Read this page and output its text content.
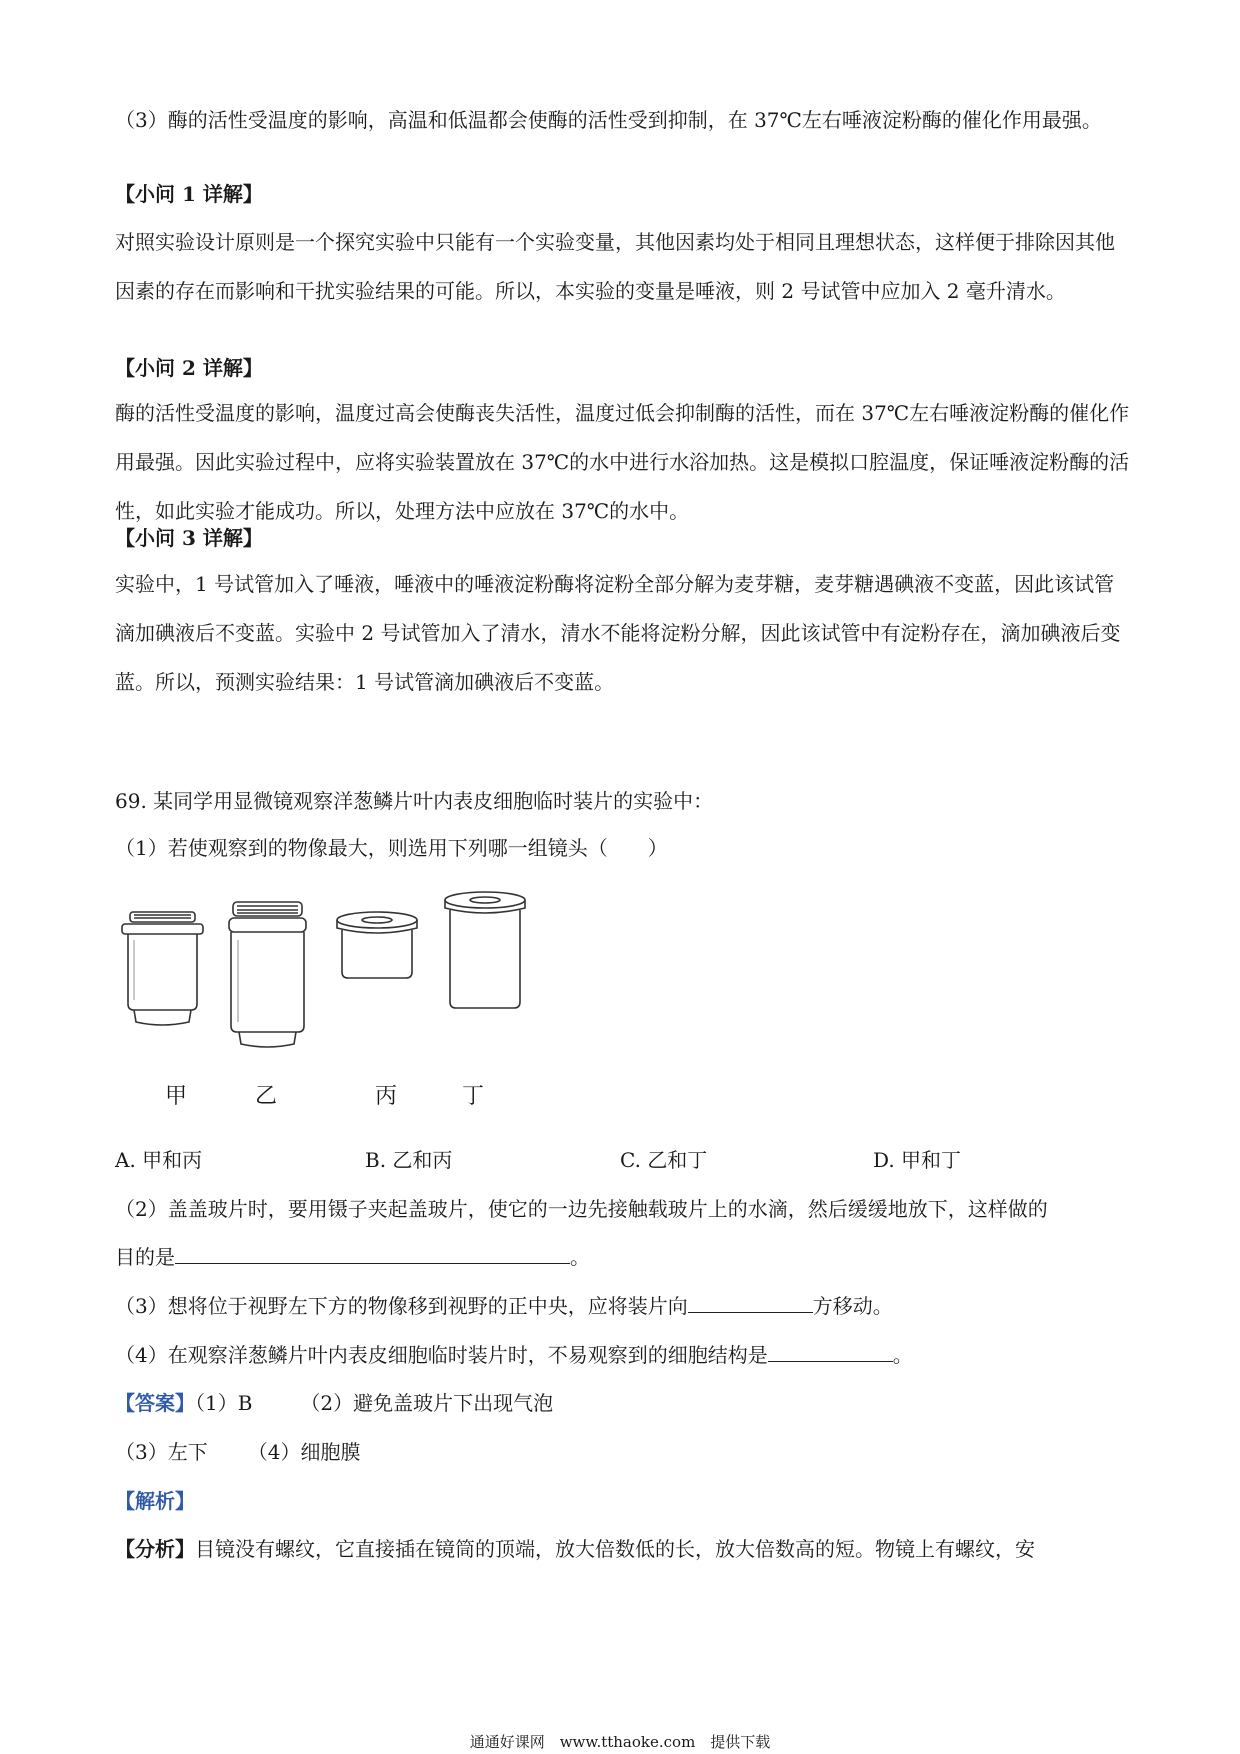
（3）酶的活性受温度的影响，高温和低温都会使酶的活性受到抑制，在 37℃左右唾液淀粉酶的催化作用最强。

【小问 1 详解】

对照实验设计原则是一个探究实验中只能有一个实验变量，其他因素均处于相同且理想状态，这样便于排除因其他因素的存在而影响和干扰实验结果的可能。所以，本实验的变量是唾液，则 2 号试管中应加入 2 毫升清水。

【小问 2 详解】

酶的活性受温度的影响，温度过高会使酶丧失活性，温度过低会抑制酶的活性，而在 37℃左右唾液淀粉酶的催化作用最强。因此实验过程中，应将实验装置放在 37℃的水中进行水浴加热。这是模拟口腔温度，保证唾液淀粉酶的活性，如此实验才能成功。所以，处理方法中应放在 37℃的水中。

【小问 3 详解】

实验中，1 号试管加入了唾液，唾液中的唾液淀粉酶将淀粉全部分解为麦芽糖，麦芽糖遇碘液不变蓝，因此该试管滴加碘液后不变蓝。实验中 2 号试管加入了清水，清水不能将淀粉分解，因此该试管中有淀粉存在，滴加碘液后变蓝。所以，预测实验结果：1 号试管滴加碘液后不变蓝。

69. 某同学用显微镜观察洋葱鳞片叶内表皮细胞临时装片的实验中：

（1）若使观察到的物像最大，则选用下列哪一组镜头（　　）

甲	乙	丙	丁
A. 甲和丙	B. 乙和丙	C. 乙和丁	D. 甲和丁

（2）盖盖玻片时，要用镊子夹起盖玻片，使它的一边先接触载玻片上的水滴，然后缓缓地放下，这样做的

目的是	。

（3）想将位于视野左下方的物像移到视野的正中央，应将装片向	方移动。

（4）在观察洋葱鳞片叶内表皮细胞临时装片时，不易观察到的细胞结构是	。

【答案】（1）B （2）避免盖玻片下出现气泡

（3）左下 （4）细胞膜

【解析】

【分析】目镜没有螺纹，它直接插在镜筒的顶端，放大倍数低的长，放大倍数高的短。物镜上有螺纹，安

通通好课网　www.tthaoke.com　提供下载
